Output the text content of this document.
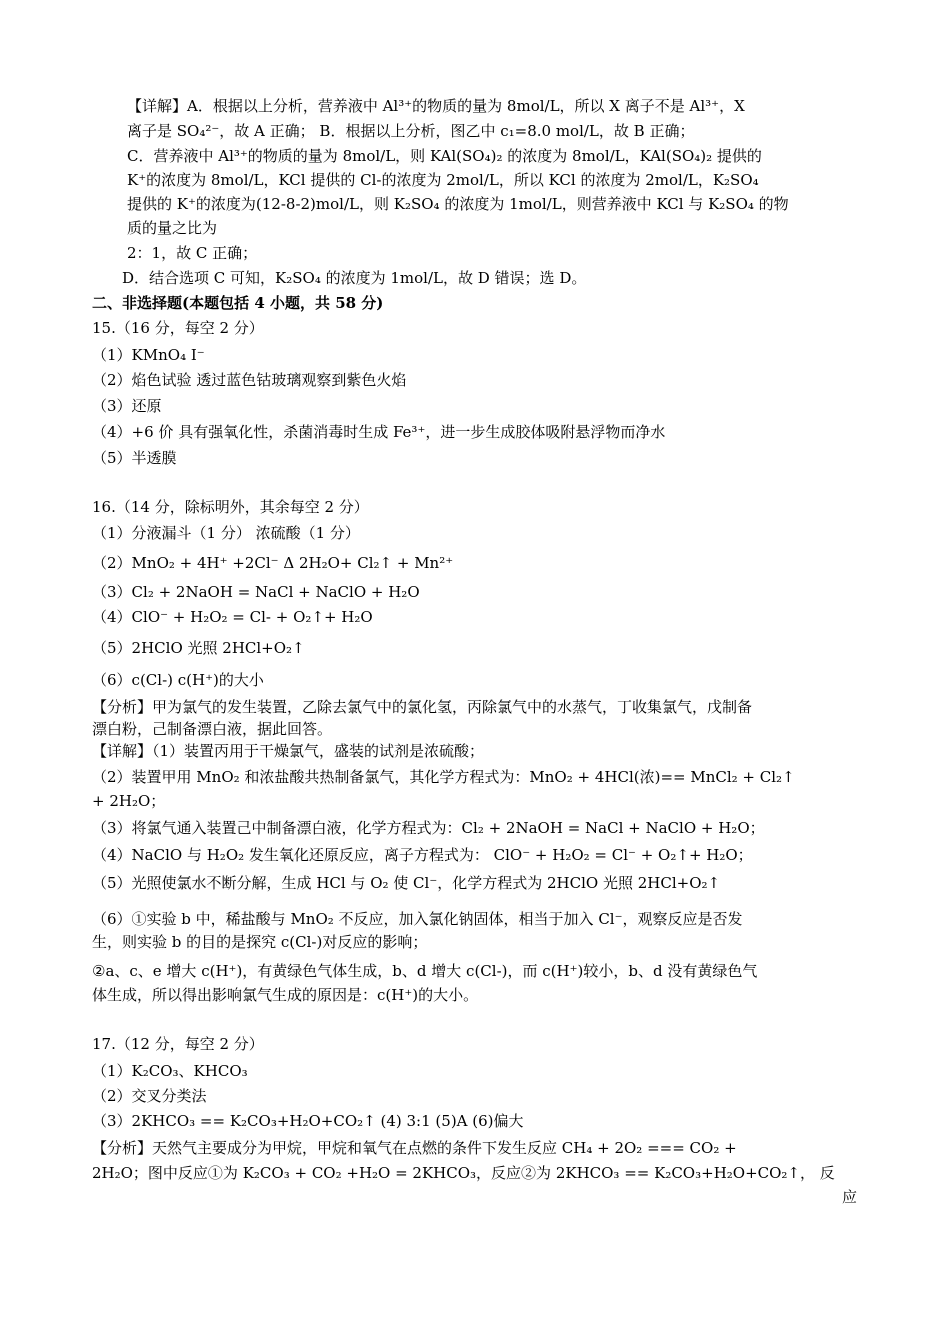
【详解】A．根据以上分析，营养液中 Al³⁺的物质的量为 8mol/L，所以 X 离子不是 Al³⁺，X
离子是 SO₄²⁻，故 A 正确； B．根据以上分析，图乙中 c₁=8.0 mol/L，故 B 正确；
C．营养液中 Al³⁺的物质的量为 8mol/L，则 KAl(SO₄)₂ 的浓度为 8mol/L，KAl(SO₄)₂ 提供的
K⁺的浓度为 8mol/L，KCl 提供的 Cl-的浓度为 2mol/L，所以 KCl 的浓度为 2mol/L，K₂SO₄
提供的 K⁺的浓度为(12-8-2)mol/L，则 K₂SO₄ 的浓度为 1mol/L，则营养液中 KCl 与 K₂SO₄ 的物
质的量之比为
2：1，故 C 正确；
D．结合选项 C 可知，K₂SO₄ 的浓度为 1mol/L，故 D 错误；选 D。
二、非选择题(本题包括 4 小题，共 58 分)
15.（16 分，每空 2 分）
（1）KMnO₄ I⁻
（2）焰色试验 透过蓝色钴玻璃观察到紫色火焰
（3）还原
（4）+6 价 具有强氧化性，杀菌消毒时生成 Fe³⁺，进一步生成胶体吸附悬浮物而净水
（5）半透膜
16.（14 分，除标明外，其余每空 2 分）
（1）分液漏斗（1 分） 浓硫酸（1 分）
（2）MnO₂ + 4H⁺ +2Cl⁻ Δ 2H₂O+ Cl₂↑ + Mn²⁺
（3）Cl₂ + 2NaOH = NaCl + NaClO + H₂O
（4）ClO⁻ + H₂O₂ = Cl- + O₂↑+ H₂O
（5）2HClO 光照 2HCl+O₂↑
（6）c(Cl-) c(H⁺)的大小
【分析】甲为氯气的发生装置，乙除去氯气中的氯化氢，丙除氯气中的水蒸气，丁收集氯气，戊制备
漂白粉，己制备漂白液，据此回答。
【详解】（1）装置丙用于干燥氯气，盛装的试剂是浓硫酸；
（2）装置甲用 MnO₂ 和浓盐酸共热制备氯气，其化学方程式为：MnO₂ + 4HCl(浓)== MnCl₂ + Cl₂↑
+ 2H₂O；
（3）将氯气通入装置己中制备漂白液，化学方程式为：Cl₂ + 2NaOH = NaCl + NaClO + H₂O；
（4）NaClO 与 H₂O₂ 发生氧化还原反应，离子方程式为： ClO⁻ + H₂O₂ = Cl⁻ + O₂↑+ H₂O；
（5）光照使氯水不断分解，生成 HCl 与 O₂ 使 Cl⁻，化学方程式为 2HClO 光照 2HCl+O₂↑
（6）①实验 b 中，稀盐酸与 MnO₂ 不反应，加入氯化钠固体，相当于加入 Cl⁻，观察反应是否发
生，则实验 b 的目的是探究 c(Cl-)对反应的影响；
②a、c、e 增大 c(H⁺)，有黄绿色气体生成，b、d 增大 c(Cl-)，而 c(H⁺)较小，b、d 没有黄绿色气
体生成，所以得出影响氯气生成的原因是：c(H⁺)的大小。
17.（12 分，每空 2 分）
（1）K₂CO₃、KHCO₃
（2）交叉分类法
（3）2KHCO₃ == K₂CO₃+H₂O+CO₂↑ (4) 3:1 (5)A (6)偏大
【分析】天然气主要成分为甲烷，甲烷和氧气在点燃的条件下发生反应 CH₄ + 2O₂ === CO₂ +
2H₂O；图中反应①为 K₂CO₃ + CO₂ +H₂O = 2KHCO₃，反应②为 2KHCO₃ == K₂CO₃+H₂O+CO₂↑， 反
应
